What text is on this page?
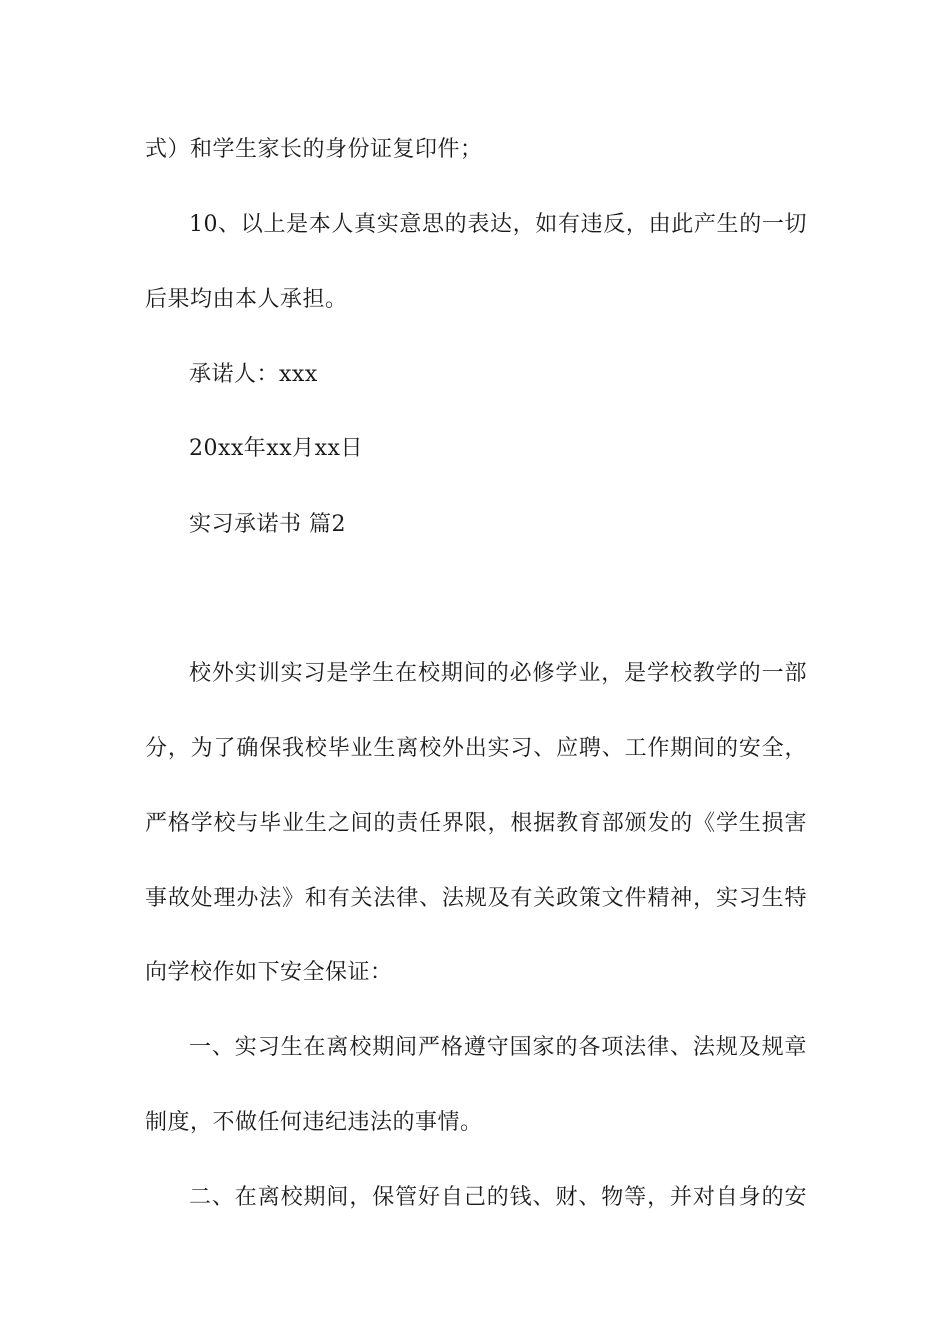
式）和学生家长的身份证复印件；
10、以上是本人真实意思的表达，如有违反，由此产生的一切
后果均由本人承担。
承诺人：xxx
20xx年xx月xx日
实习承诺书 篇2
校外实训实习是学生在校期间的必修学业，是学校教学的一部
分，为了确保我校毕业生离校外出实习、应聘、工作期间的安全，
严格学校与毕业生之间的责任界限，根据教育部颁发的《学生损害
事故处理办法》和有关法律、法规及有关政策文件精神，实习生特
向学校作如下安全保证：
一、实习生在离校期间严格遵守国家的各项法律、法规及规章
制度，不做任何违纪违法的事情。
二、在离校期间，保管好自己的钱、财、物等，并对自身的安
